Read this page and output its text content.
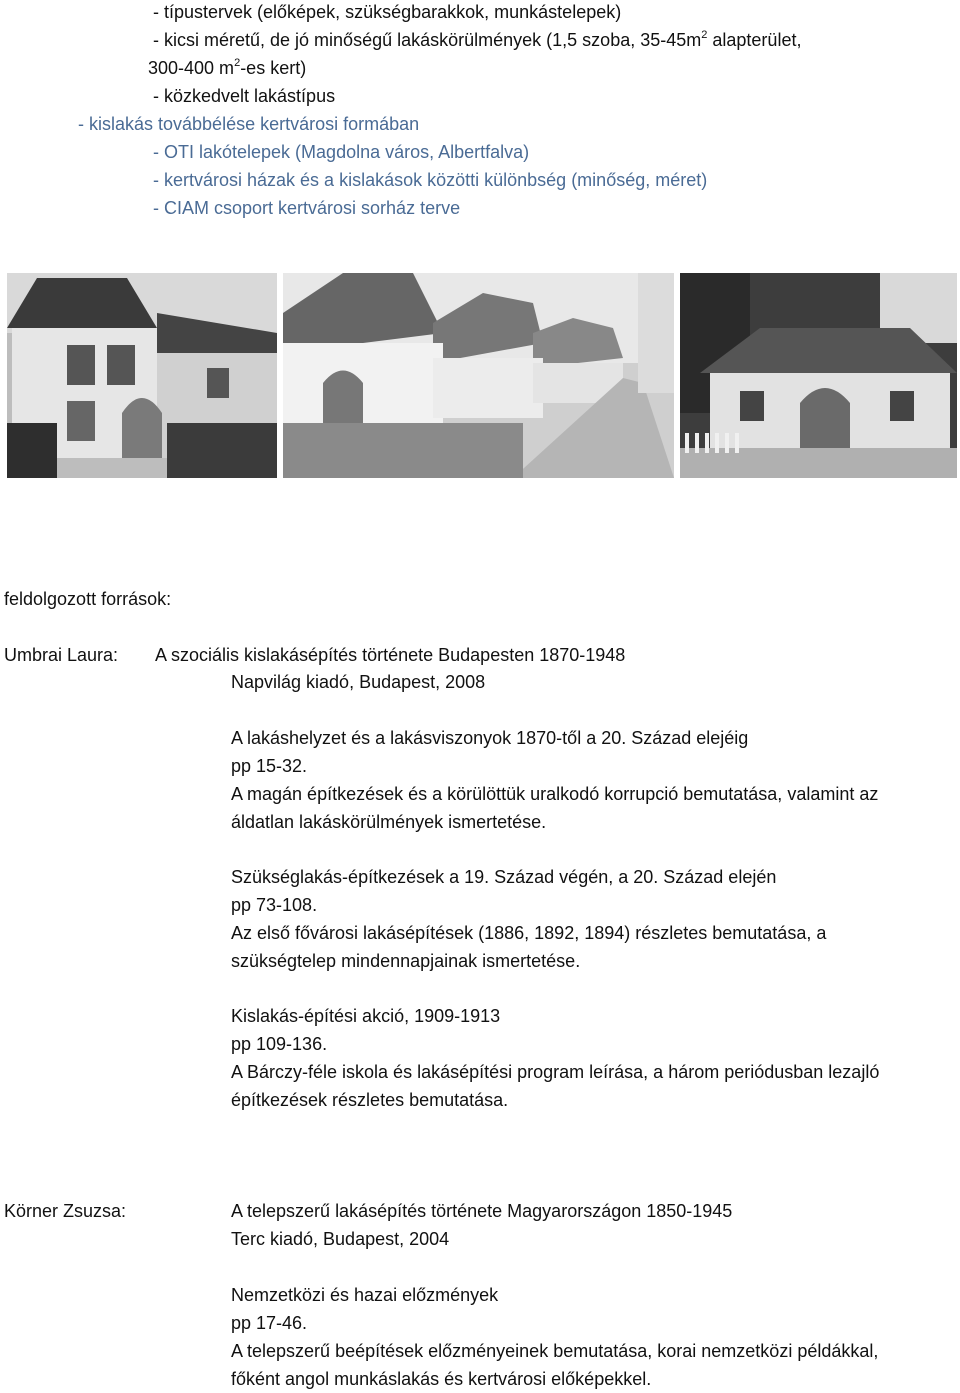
- típustervek (előképek, szükségbarakkok, munkástelepek)
- kicsi méretű, de jó minőségű lakáskörülmények (1,5 szoba, $35-45m^2$ alapterület,
300-400 $m^2-es$ kert)
- közkedvelt lakástípus
- kislakás továbbélése kertvárosi formában
- OTI lakótelepek (Magdolna város, Albertfalva)
- kertvárosi házak és a kislakások közötti különbség (minőség, méret)
- CIAM csoport kertvárosi sorház terve
feldolgozott források:
Umbrai Laura: A szociális kislakásépítés története Budapesten 1870-1948
Napvilág kiadó, Budapest, 2008
A lakáshelyzet és a lakásviszonyok 1870-től a 20. Század elejéig
pp 15-32.
A magán építkezések és a körülöttük uralkodó korrupció bemutatása, valamint az
áldatlan lakáskörülmények ismertetése.
Szükséglakás-építkezések a 19. Század végén, a 20. Század elején
pp 73-108.
Az első fővárosi lakásépítések (1886, 1892, 1894) részletes bemutatása, a
szükségtelep mindennapjainak ismertetése.
Kislakás-építési akció, 1909-1913
pp 109-136.
A Bárczy-féle iskola és lakásépítési program leírása, a három periódusban lezajló
építkezések részletes bemutatása.
Körner Zsuzsa:	A telepszerű lakásépítés története Magyarországon 1850-1945
Terc kiadó, Budapest, 2004
Nemzetközi és hazai előzmények
pp 17-46.
A telepszerű beépítések előzményeinek bemutatása, korai nemzetközi példákkal,
főként angol munkáslakás és kertvárosi előképekkel.
